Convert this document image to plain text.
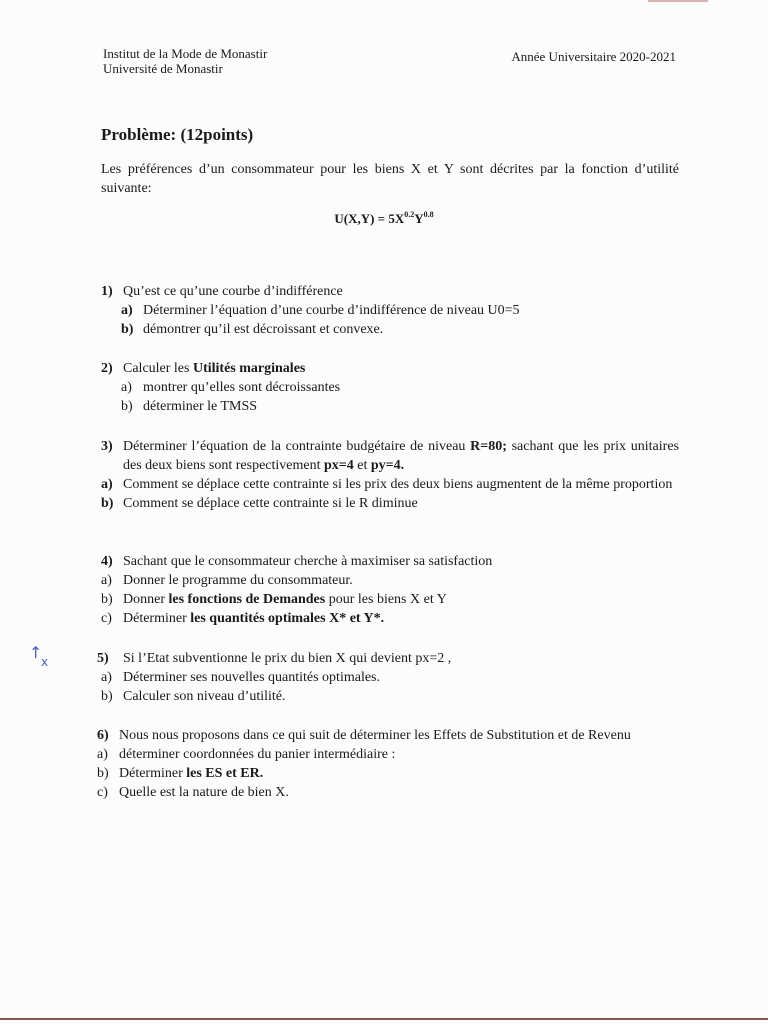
Institut de la Mode de Monastir
Université de Monastir
Année Universitaire 2020-2021
Problème: (12points)
Les préférences d’un consommateur pour les biens X et Y sont décrites par la fonction d’utilité suivante:
$U(X,Y) = 5X^{0.2}Y^{0.8}$
1) Qu’est ce qu’une courbe d’indifférence
a) Déterminer l’équation d’une courbe d’indifférence de niveau U0=5
b) démontrer qu’il est décroissant et convexe.
2) Calculer les Utilités marginales
a) montrer qu’elles sont décroissantes
b) déterminer le TMSS
3) Déterminer l’équation de la contrainte budgétaire de niveau R=80; sachant que les prix unitaires des deux biens sont respectivement px=4 et py=4.
a) Comment se déplace cette contrainte si les prix des deux biens augmentent de la même proportion
b) Comment se déplace cette contrainte si le R diminue
4) Sachant que le consommateur cherche à maximiser sa satisfaction
a) Donner le programme du consommateur.
b) Donner les fonctions de Demandes pour les biens X et Y
c) Déterminer les quantités optimales X* et Y*.
5) Si l’Etat subventionne le prix du bien X qui devient px=2 ,
a) Déterminer ses nouvelles quantités optimales.
b) Calculer son niveau d’utilité.
6) Nous nous proposons dans ce qui suit de déterminer les Effets de Substitution et de Revenu
a) déterminer coordonnées du panier intermédiaire :
b) Déterminer les ES et ER.
c) Quelle est la nature de bien X.
↑
x
